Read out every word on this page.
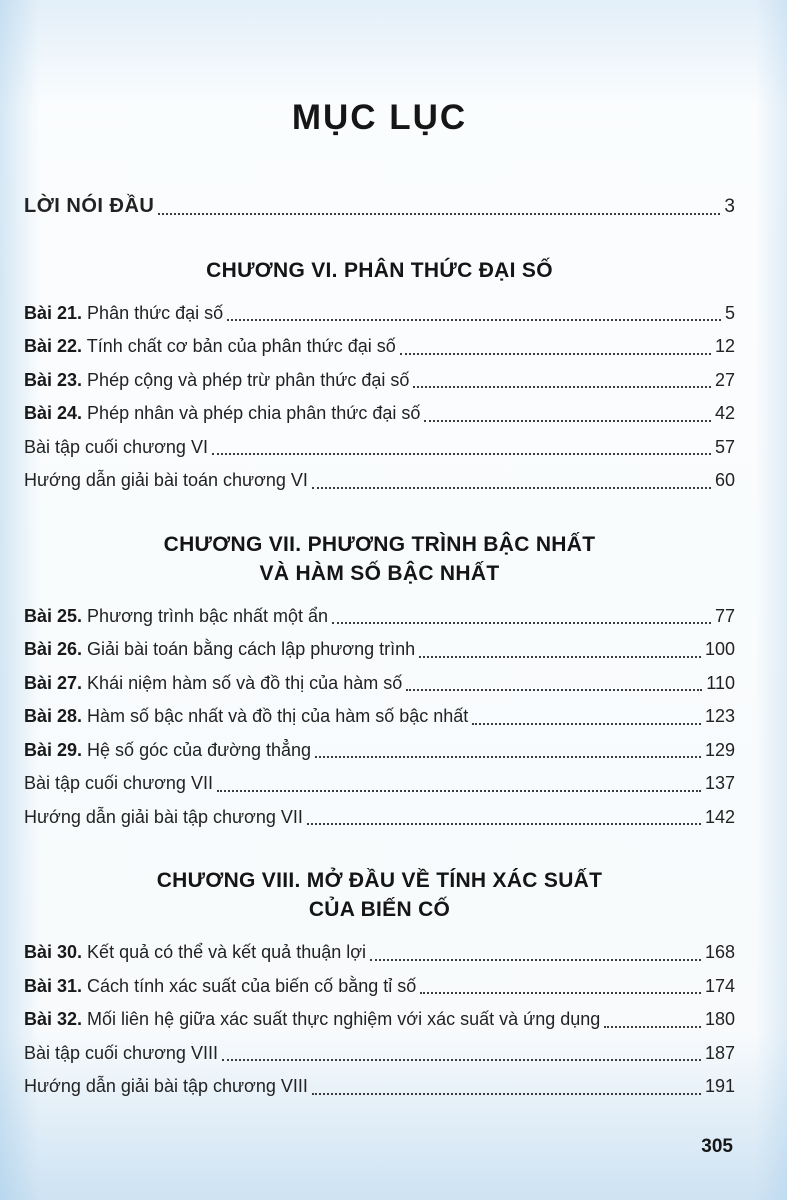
MỤC LỤC
LỜI NÓI ĐẦU	3
CHƯƠNG VI. PHÂN THỨC ĐẠI SỐ
Bài 21. Phân thức đại số	5
Bài 22. Tính chất cơ bản của phân thức đại số	12
Bài 23. Phép cộng và phép trừ phân thức đại số	27
Bài 24. Phép nhân và phép chia phân thức đại số	42
Bài tập cuối chương VI	57
Hướng dẫn giải bài toán chương VI	60
CHƯƠNG VII. PHƯƠNG TRÌNH BẬC NHẤT
VÀ HÀM SỐ BẬC NHẤT
Bài 25. Phương trình bậc nhất một ẩn	77
Bài 26. Giải bài toán bằng cách lập phương trình	100
Bài 27. Khái niệm hàm số và đồ thị của hàm số	110
Bài 28. Hàm số bậc nhất và đồ thị của hàm số bậc nhất	123
Bài 29. Hệ số góc của đường thẳng	129
Bài tập cuối chương VII	137
Hướng dẫn giải bài tập chương VII	142
CHƯƠNG VIII. MỞ ĐẦU VỀ TÍNH XÁC SUẤT
CỦA BIẾN CỐ
Bài 30. Kết quả có thể và kết quả thuận lợi	168
Bài 31. Cách tính xác suất của biến cố bằng tỉ số	174
Bài 32. Mối liên hệ giữa xác suất thực nghiệm với xác suất và ứng dụng	180
Bài tập cuối chương VIII	187
Hướng dẫn giải bài tập chương VIII	191
305
